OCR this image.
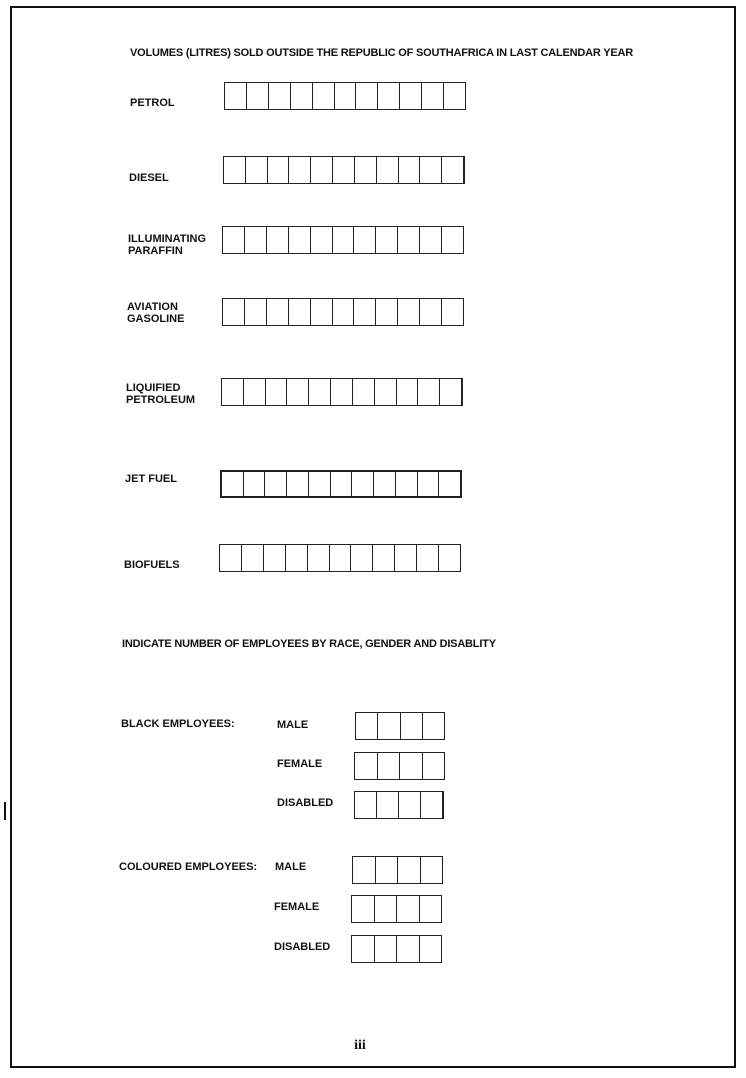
VOLUMES (LITRES) SOLD OUTSIDE THE REPUBLIC OF SOUTHAFRICA IN LAST CALENDAR YEAR
PETROL
DIESEL
ILLUMINATING
PARAFFIN
AVIATION
GASOLINE
LIQUIFIED
PETROLEUM
JET FUEL
BIOFUELS
INDICATE NUMBER OF EMPLOYEES BY RACE, GENDER AND DISABLITY
BLACK EMPLOYEES:	MALE
FEMALE
DISABLED
COLOURED EMPLOYEES: MALE
FEMALE
DISABLED
iii
